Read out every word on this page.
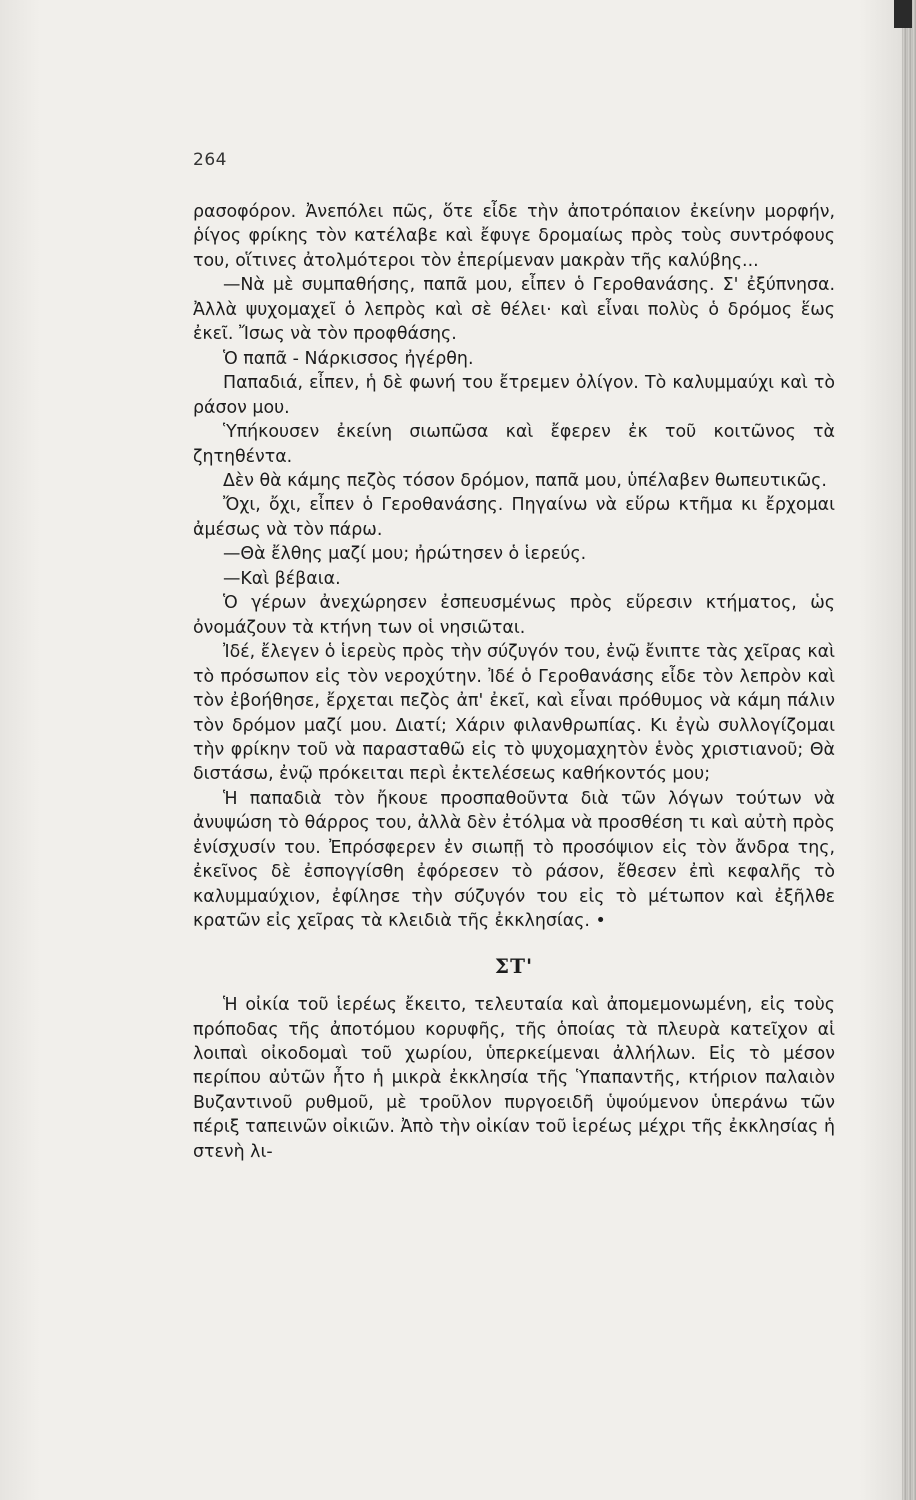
264

ρασοφόρον. Ἀνεπόλει πῶς, ὅτε εἶδε τὴν ἀποτρόπαιον ἐκείνην μορφήν, ῥίγος φρίκης τὸν κατέλαβε καὶ ἔφυγε δρομαίως πρὸς τοὺς συντρόφους του, οἵτινες ἀτολμότεροι τὸν ἐπερίμεναν μακρὰν τῆς καλύβης...

—Νὰ μὲ συμπαθήσης, παπᾶ μου, εἶπεν ὁ Γεροθανάσης. Σ' ἐξύπνησα. Ἀλλὰ ψυχομαχεῖ ὁ λεπρὸς καὶ σὲ θέλει· καὶ εἶναι πολὺς ὁ δρόμος ἕως ἐκεῖ. Ἴσως νὰ τὸν προφθάσης.

Ὁ παπᾶ - Νάρκισσος ἠγέρθη.

Παπαδιά, εἶπεν, ἡ δὲ φωνή του ἔτρεμεν ὀλίγον. Τὸ καλυμμαύχι καὶ τὸ ράσον μου.

Ὑπήκουσεν ἐκείνη σιωπῶσα καὶ ἔφερεν ἐκ τοῦ κοιτῶνος τὰ ζητηθέντα.

Δὲν θὰ κάμης πεζὸς τόσον δρόμον, παπᾶ μου, ὑπέλαβεν θωπευτικῶς.

Ὄχι, ὄχι, εἶπεν ὁ Γεροθανάσης. Πηγαίνω νὰ εὕρω κτῆμα κι ἔρχομαι ἀμέσως νὰ τὸν πάρω.

—Θὰ ἔλθης μαζί μου; ἠρώτησεν ὁ ἱερεύς.

—Καὶ βέβαια.

Ὁ γέρων ἀνεχώρησεν ἐσπευσμένως πρὸς εὕρεσιν κτήματος, ὡς ὀνομάζουν τὰ κτήνη των οἱ νησιῶται.

Ἰδέ, ἔλεγεν ὁ ἱερεὺς πρὸς τὴν σύζυγόν του, ἐνῷ ἔνιπτε τὰς χεῖρας καὶ τὸ πρόσωπον εἰς τὸν νεροχύτην. Ἰδέ ὁ Γεροθανάσης εἶδε τὸν λεπρὸν καὶ τὸν ἐβοήθησε, ἔρχεται πεζὸς ἀπ' ἐκεῖ, καὶ εἶναι πρόθυμος νὰ κάμη πάλιν τὸν δρόμον μαζί μου. Διατί; Χάριν φιλανθρωπίας. Κι ἐγὼ συλλογίζομαι τὴν φρίκην τοῦ νὰ παρασταθῶ εἰς τὸ ψυχομαχητὸν ἑνὸς χριστιανοῦ; Θὰ διστάσω, ἐνῷ πρόκειται περὶ ἐκτελέσεως καθήκοντός μου;

Ἡ παπαδιὰ τὸν ἤκουε προσπαθοῦντα διὰ τῶν λόγων τούτων νὰ ἀνυψώση τὸ θάρρος του, ἀλλὰ δὲν ἐτόλμα νὰ προσθέση τι καὶ αὐτὴ πρὸς ἐνίσχυσίν του. Ἐπρόσφερεν ἐν σιωπῇ τὸ προσόψιον εἰς τὸν ἄνδρα της, ἐκεῖνος δὲ ἐσπογγίσθη ἐφόρεσεν τὸ ράσον, ἔθεσεν ἐπὶ κεφαλῆς τὸ καλυμμαύχιον, ἐφίλησε τὴν σύζυγόν του εἰς τὸ μέτωπον καὶ ἐξῆλθε κρατῶν εἰς χεῖρας τὰ κλειδιὰ τῆς ἐκκλησίας. •

ΣΤ'

Ἡ οἰκία τοῦ ἱερέως ἔκειτο, τελευταία καὶ ἀπομεμονωμένη, εἰς τοὺς πρόποδας τῆς ἀποτόμου κορυφῆς, τῆς ὁποίας τὰ πλευρὰ κατεῖχον αἱ λοιπαὶ οἰκοδομαὶ τοῦ χωρίου, ὑπερκείμεναι ἀλλήλων. Εἰς τὸ μέσον περίπου αὐτῶν ἦτο ἡ μικρὰ ἐκκλησία τῆς Ὑπαπαντῆς, κτήριον παλαιὸν Βυζαντινοῦ ρυθμοῦ, μὲ τροῦλον πυργοειδῆ ὑψούμενον ὑπεράνω τῶν πέριξ ταπεινῶν οἰκιῶν. Ἀπὸ τὴν οἰκίαν τοῦ ἱερέως μέχρι τῆς ἐκκλησίας ἡ στενὴ λι-
